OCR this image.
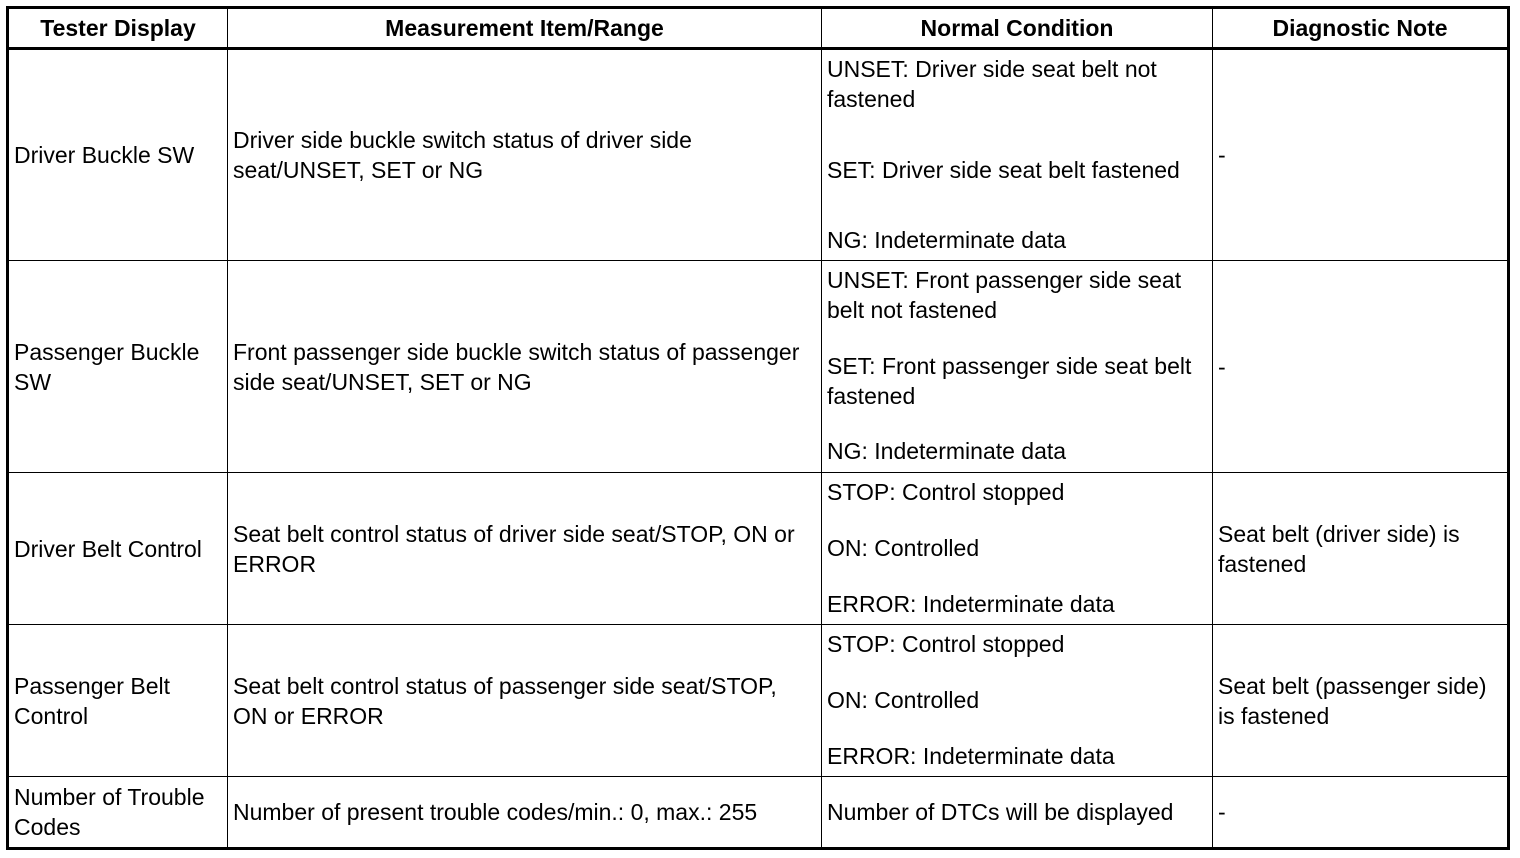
Tester Display	Measurement Item/Range	Normal Condition	Diagnostic Note
Driver Buckle SW	Driver side buckle switch status of driver side seat/UNSET, SET or NG	UNSET: Driver side seat belt not fastened
SET: Driver side seat belt fastened
NG: Indeterminate data	-
Passenger Buckle SW	Front passenger side buckle switch status of passenger side seat/UNSET, SET or NG	UNSET: Front passenger side seat belt not fastened
SET: Front passenger side seat belt fastened
NG: Indeterminate data	-
Driver Belt Control	Seat belt control status of driver side seat/STOP, ON or ERROR	STOP: Control stopped
ON: Controlled
ERROR: Indeterminate data	Seat belt (driver side) is fastened
Passenger Belt Control	Seat belt control status of passenger side seat/STOP, ON or ERROR	STOP: Control stopped
ON: Controlled
ERROR: Indeterminate data	Seat belt (passenger side) is fastened
Number of Trouble Codes	Number of present trouble codes/min.: 0, max.: 255	Number of DTCs will be displayed	-
